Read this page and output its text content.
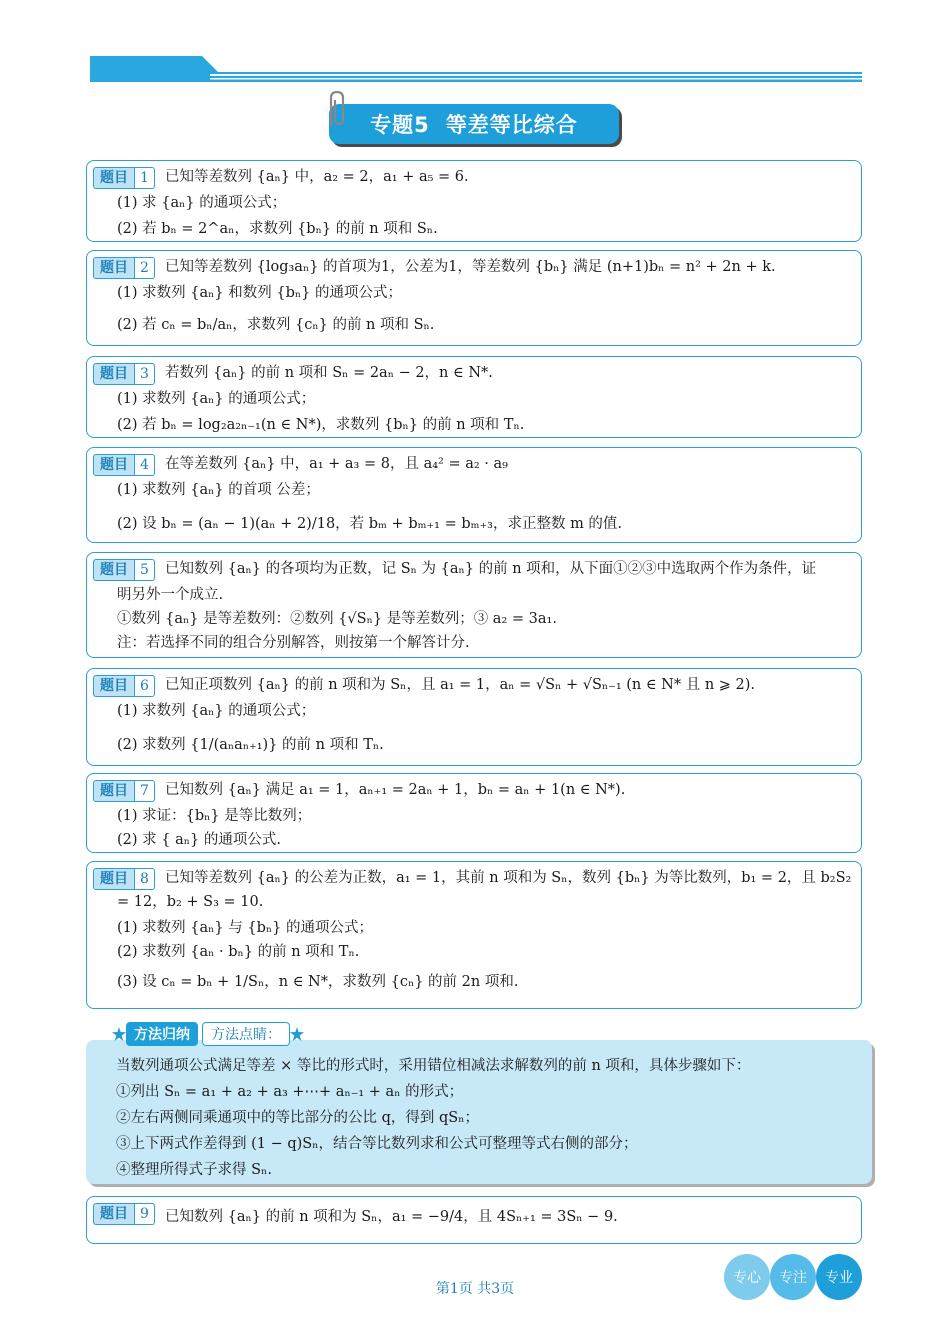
专题5 等差等比综合
题目 1	已知等差数列 {aₙ} 中，a₂ = 2，a₁ + a₅ = 6.
(1) 求 {aₙ} 的通项公式；
(2) 若 bₙ = 2^aₙ，求数列 {bₙ} 的前 n 项和 Sₙ.
题目 2	已知等差数列 {log₃aₙ} 的首项为1，公差为1，等差数列 {bₙ} 满足 (n+1)bₙ = n² + 2n + k.
(1) 求数列 {aₙ} 和数列 {bₙ} 的通项公式；
(2) 若 cₙ = bₙ/aₙ，求数列 {cₙ} 的前 n 项和 Sₙ.
题目 3	若数列 {aₙ} 的前 n 项和 Sₙ = 2aₙ − 2，n ∈ N*.
(1) 求数列 {aₙ} 的通项公式；
(2) 若 bₙ = log₂a₂ₙ₋₁(n ∈ N*)，求数列 {bₙ} 的前 n 项和 Tₙ.
题目 4	在等差数列 {aₙ} 中，a₁ + a₃ = 8，且 a₄² = a₂ · a₉
(1) 求数列 {aₙ} 的首项 公差；
(2) 设 bₙ = (aₙ − 1)(aₙ + 2)/18，若 bₘ + bₘ₊₁ = bₘ₊₃，求正整数 m 的值.
题目 5	已知数列 {aₙ} 的各项均为正数，记 Sₙ 为 {aₙ} 的前 n 项和，从下面①②③中选取两个作为条件，证
明另外一个成立.
①数列 {aₙ} 是等差数列：②数列 {√Sₙ} 是等差数列；③ a₂ = 3a₁.
注：若选择不同的组合分别解答，则按第一个解答计分.
题目 6	已知正项数列 {aₙ} 的前 n 项和为 Sₙ，且 a₁ = 1，aₙ = √Sₙ + √Sₙ₋₁ (n ∈ N* 且 n ⩾ 2).
(1) 求数列 {aₙ} 的通项公式；
(2) 求数列 {1/(aₙaₙ₊₁)} 的前 n 项和 Tₙ.
题目 7	已知数列 {aₙ} 满足 a₁ = 1，aₙ₊₁ = 2aₙ + 1，bₙ = aₙ + 1(n ∈ N*).
(1) 求证：{bₙ} 是等比数列；
(2) 求 { aₙ} 的通项公式.
题目 8	已知等差数列 {aₙ} 的公差为正数，a₁ = 1，其前 n 项和为 Sₙ，数列 {bₙ} 为等比数列，b₁ = 2，且 b₂S₂
= 12，b₂ + S₃ = 10.
(1) 求数列 {aₙ} 与 {bₙ} 的通项公式；
(2) 求数列 {aₙ · bₙ} 的前 n 项和 Tₙ.
(3) 设 cₙ = bₙ + 1/Sₙ，n ∈ N*，求数列 {cₙ} 的前 2n 项和.
题目 9	已知数列 {aₙ} 的前 n 项和为 Sₙ，a₁ = −9/4，且 4Sₙ₊₁ = 3Sₙ − 9.
当数列通项公式满足等差 × 等比的形式时，采用错位相减法求解数列的前 n 项和，具体步骤如下：
①列出 Sₙ = a₁ + a₂ + a₃ +⋯+ aₙ₋₁ + aₙ 的形式；
②左右两侧同乘通项中的等比部分的公比 q，得到 qSₙ；
③上下两式作差得到 (1 − q)Sₙ，结合等比数列求和公式可整理等式右侧的部分；
④整理所得式子求得 Sₙ.
方法归纳	方法点睛：
第1页 共3页
专心	专注	专业
